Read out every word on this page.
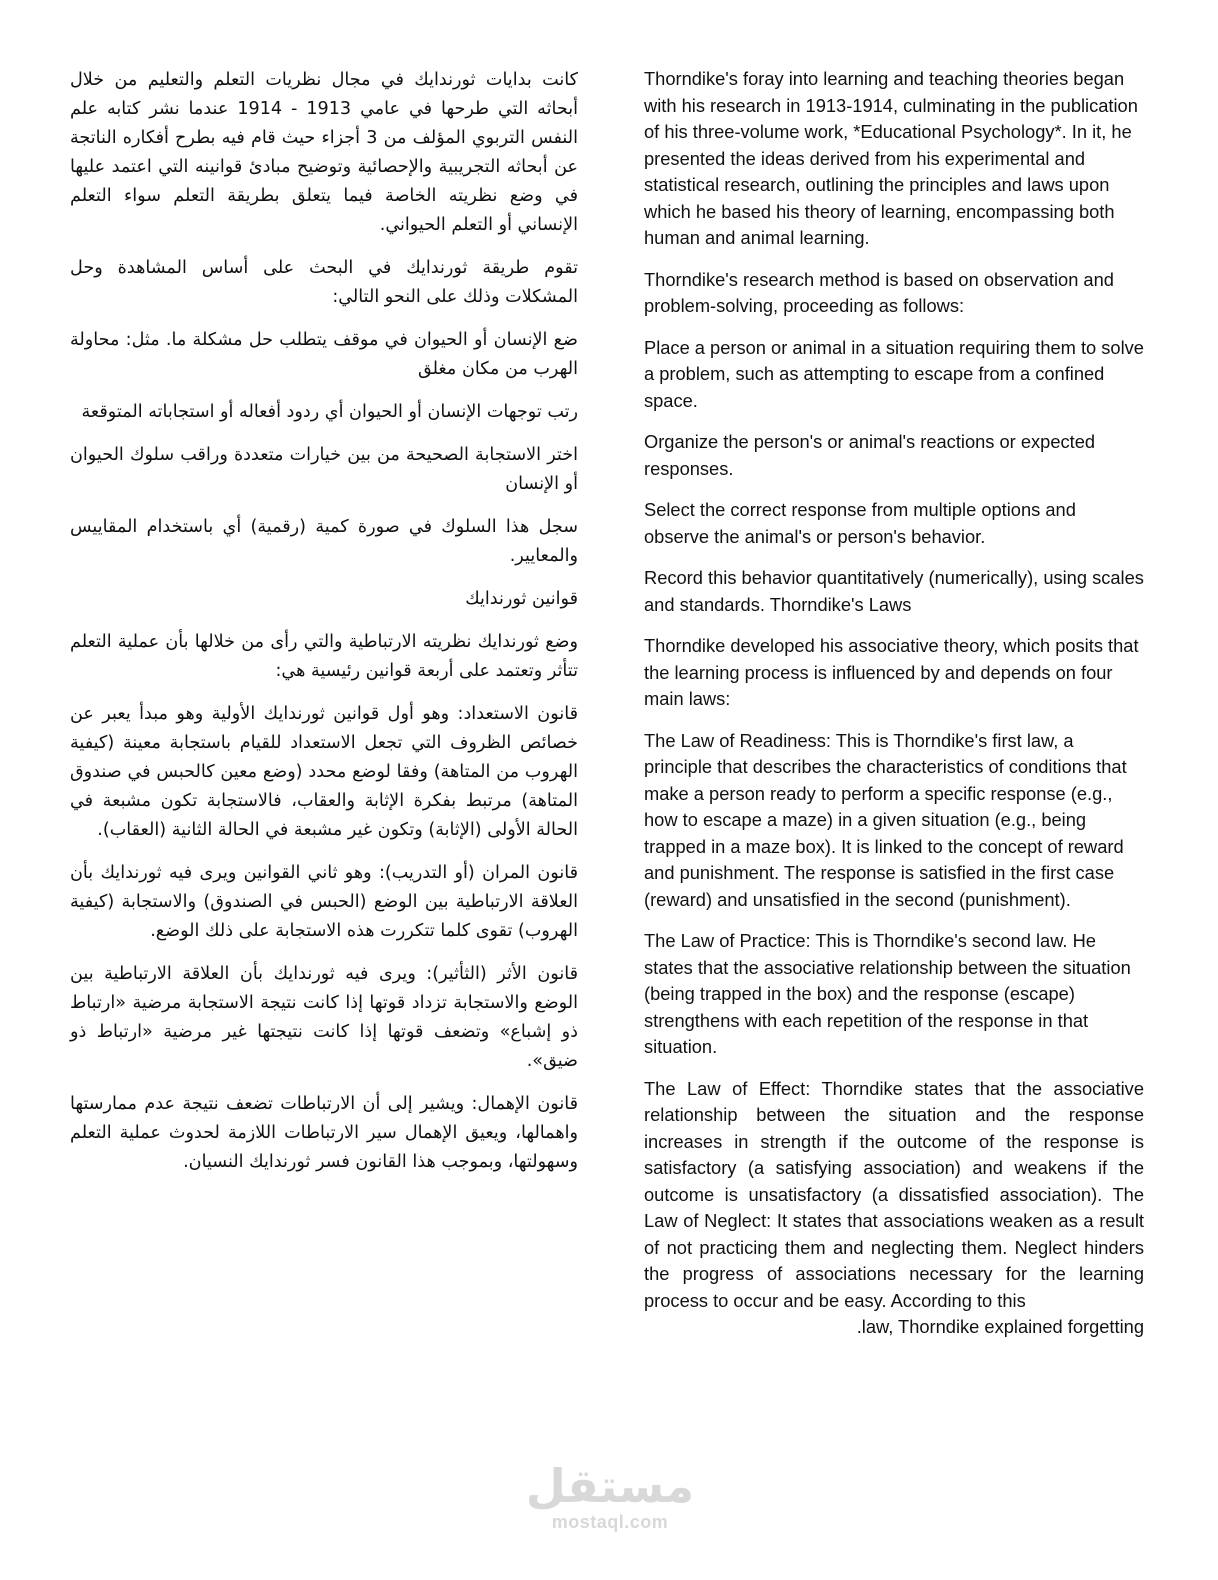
كانت بدايات ثورندايك في مجال نظريات التعلم والتعليم من خلال أبحاثه التي طرحها في عامي 1913 - 1914 عندما نشر كتابه علم النفس التربوي المؤلف من 3 أجزاء حيث قام فيه بطرح أفكاره الناتجة عن أبحاثه التجريبية والإحصائية وتوضيح مبادئ قوانينه التي اعتمد عليها في وضع نظريته الخاصة فيما يتعلق بطريقة التعلم سواء التعلم الإنساني أو التعلم الحيواني.

تقوم طريقة ثورندايك في البحث على أساس المشاهدة وحل المشكلات وذلك على النحو التالي:

ضع الإنسان أو الحيوان في موقف يتطلب حل مشكلة ما. مثل: محاولة الهرب من مكان مغلق

رتب توجهات الإنسان أو الحيوان أي ردود أفعاله أو استجاباته المتوقعة

اختر الاستجابة الصحيحة من بين خيارات متعددة وراقب سلوك الحيوان أو الإنسان

سجل هذا السلوك في صورة كمية (رقمية) أي باستخدام المقاييس والمعايير.

قوانين ثورندايك

وضع ثورندايك نظريته الارتباطية والتي رأى من خلالها بأن عملية التعلم تتأثر وتعتمد على أربعة قوانين رئيسية هي:

قانون الاستعداد: وهو أول قوانين ثورندايك الأولية وهو مبدأ يعبر عن خصائص الظروف التي تجعل الاستعداد للقيام باستجابة معينة (كيفية الهروب من المتاهة) وفقا لوضع محدد (وضع معين كالحبس في صندوق المتاهة) مرتبط بفكرة الإثابة والعقاب، فالاستجابة تكون مشبعة في الحالة الأولى (الإثابة) وتكون غير مشبعة في الحالة الثانية (العقاب).

قانون المران (أو التدريب): وهو ثاني القوانين ويرى فيه ثورندايك بأن العلاقة الارتباطية بين الوضع (الحبس في الصندوق) والاستجابة (كيفية الهروب) تقوى كلما تتكررت هذه الاستجابة على ذلك الوضع.

قانون الأثر (الثأثير): ويرى فيه ثورندايك بأن العلاقة الارتباطية بين الوضع والاستجابة تزداد قوتها إذا كانت نتيجة الاستجابة مرضية «ارتباط ذو إشباع» وتضعف قوتها إذا كانت نتيجتها غير مرضية «ارتباط ذو ضيق».

قانون الإهمال: ويشير إلى أن الارتباطات تضعف نتيجة عدم ممارستها واهمالها، ويعيق الإهمال سير الارتباطات اللازمة لحدوث عملية التعلم وسهولتها، وبموجب هذا القانون فسر ثورندايك النسيان.

Thorndike's foray into learning and teaching theories began with his research in 1913-1914, culminating in the publication of his three-volume work, *Educational Psychology*. In it, he presented the ideas derived from his experimental and statistical research, outlining the principles and laws upon which he based his theory of learning, encompassing both human and animal learning.

Thorndike's research method is based on observation and problem-solving, proceeding as follows:

Place a person or animal in a situation requiring them to solve a problem, such as attempting to escape from a confined space.

Organize the person's or animal's reactions or expected responses.

Select the correct response from multiple options and observe the animal's or person's behavior.

Record this behavior quantitatively (numerically), using scales and standards. Thorndike's Laws

Thorndike developed his associative theory, which posits that the learning process is influenced by and depends on four main laws:

The Law of Readiness: This is Thorndike's first law, a principle that describes the characteristics of conditions that make a person ready to perform a specific response (e.g., how to escape a maze) in a given situation (e.g., being trapped in a maze box). It is linked to the concept of reward and punishment. The response is satisfied in the first case (reward) and unsatisfied in the second (punishment).

The Law of Practice: This is Thorndike's second law. He states that the associative relationship between the situation (being trapped in the box) and the response (escape) strengthens with each repetition of the response in that situation.

The Law of Effect: Thorndike states that the associative relationship between the situation and the response increases in strength if the outcome of the response is satisfactory (a satisfying association) and weakens if the outcome is unsatisfactory (a dissatisfied association). The Law of Neglect: It states that associations weaken as a result of not practicing them and neglecting them. Neglect hinders the progress of associations necessary for the learning process to occur and be easy. According to this
.law, Thorndike explained forgetting

مستقل
mostaql.com
